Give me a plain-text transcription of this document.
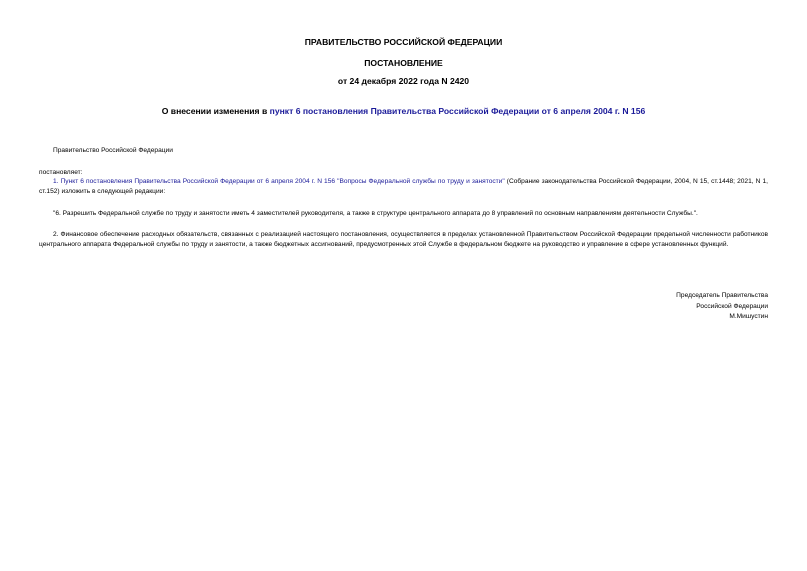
ПРАВИТЕЛЬСТВО РОССИЙСКОЙ ФЕДЕРАЦИИ
ПОСТАНОВЛЕНИЕ
от 24 декабря 2022 года N 2420
О внесении изменения в пункт 6 постановления Правительства Российской Федерации от 6 апреля 2004 г. N 156
Правительство Российской Федерации
постановляет:
1. Пункт 6 постановления Правительства Российской Федерации от 6 апреля 2004 г. N 156 "Вопросы Федеральной службы по труду и занятости" (Собрание законодательства Российской Федерации, 2004, N 15, ст.1448; 2021, N 1, ст.152) изложить в следующей редакции:
"6. Разрешить Федеральной службе по труду и занятости иметь 4 заместителей руководителя, а также в структуре центрального аппарата до 8 управлений по основным направлениям деятельности Службы.".
2. Финансовое обеспечение расходных обязательств, связанных с реализацией настоящего постановления, осуществляется в пределах установленной Правительством Российской Федерации предельной численности работников центрального аппарата Федеральной службы по труду и занятости, а также бюджетных ассигнований, предусмотренных этой Службе в федеральном бюджете на руководство и управление в сфере установленных функций.
Председатель Правительства
Российской Федерации
М.Мишустин
